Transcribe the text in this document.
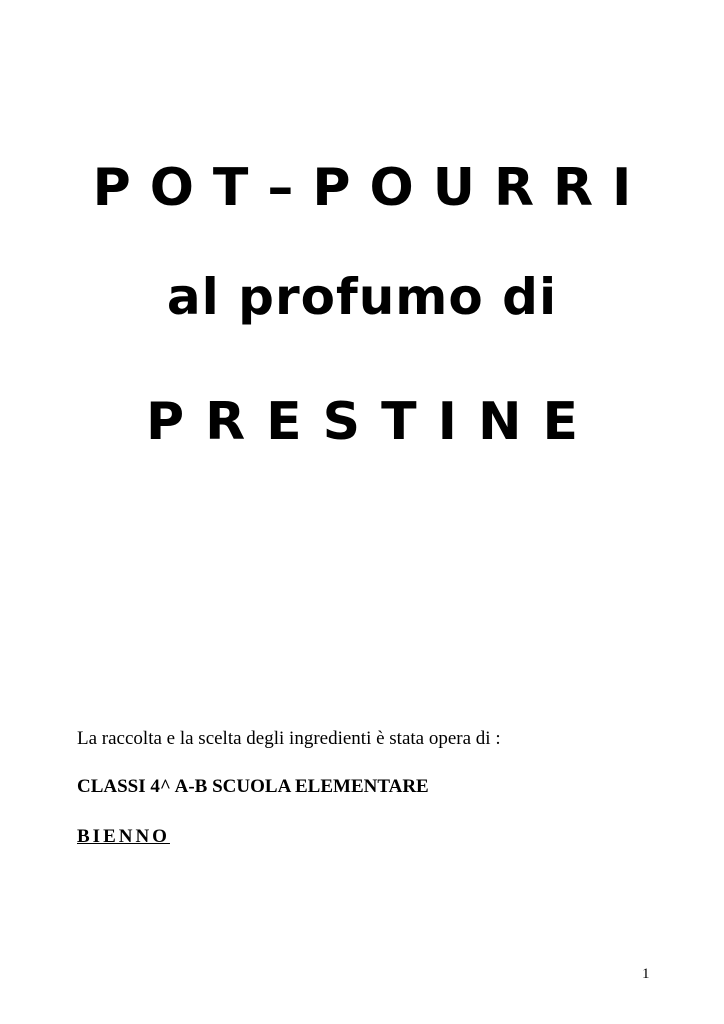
POT–POURRI
al profumo di
PRESTINE
La raccolta e la scelta degli ingredienti è stata opera di :
CLASSI 4^ A-B SCUOLA ELEMENTARE
BIENNO
1
